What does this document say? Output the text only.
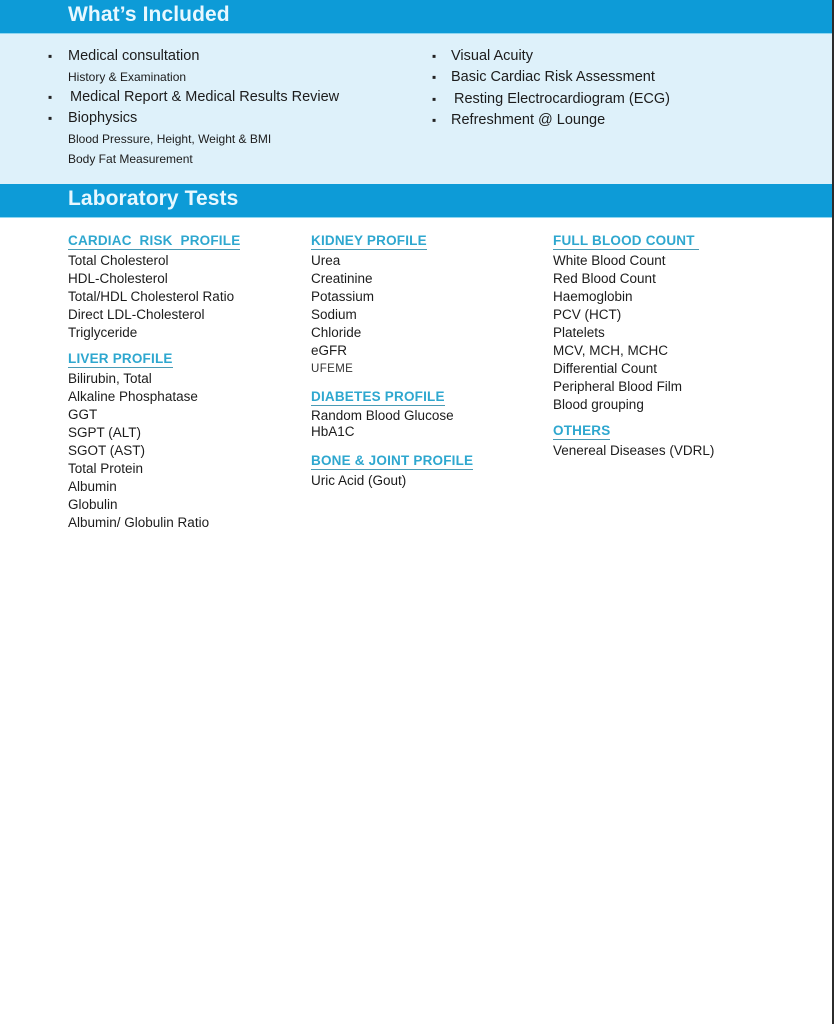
What’s Included
▪ Medical consultation
History & Examination
▪ Medical Report & Medical Results Review
▪ Biophysics
Blood Pressure, Height, Weight & BMI
Body Fat Measurement
▪ Visual Acuity
▪ Basic Cardiac Risk Assessment
▪ Resting Electrocardiogram (ECG)
▪ Refreshment @ Lounge
Laboratory Tests
CARDIAC  RISK  PROFILE
Total Cholesterol
HDL-Cholesterol
Total/HDL Cholesterol Ratio
Direct LDL-Cholesterol
Triglyceride
LIVER PROFILE
Bilirubin, Total
Alkaline Phosphatase
GGT
SGPT (ALT)
SGOT (AST)
Total Protein
Albumin
Globulin
Albumin/ Globulin Ratio
KIDNEY PROFILE
Urea
Creatinine
Potassium
Sodium
Chloride
eGFR
UFEME
DIABETES PROFILE
Random Blood Glucose
HbA1C
BONE & JOINT PROFILE
Uric Acid (Gout)
FULL BLOOD COUNT
White Blood Count
Red Blood Count
Haemoglobin
PCV (HCT)
Platelets
MCV, MCH, MCHC
Differential Count
Peripheral Blood Film
Blood grouping
OTHERS
Venereal Diseases (VDRL)
